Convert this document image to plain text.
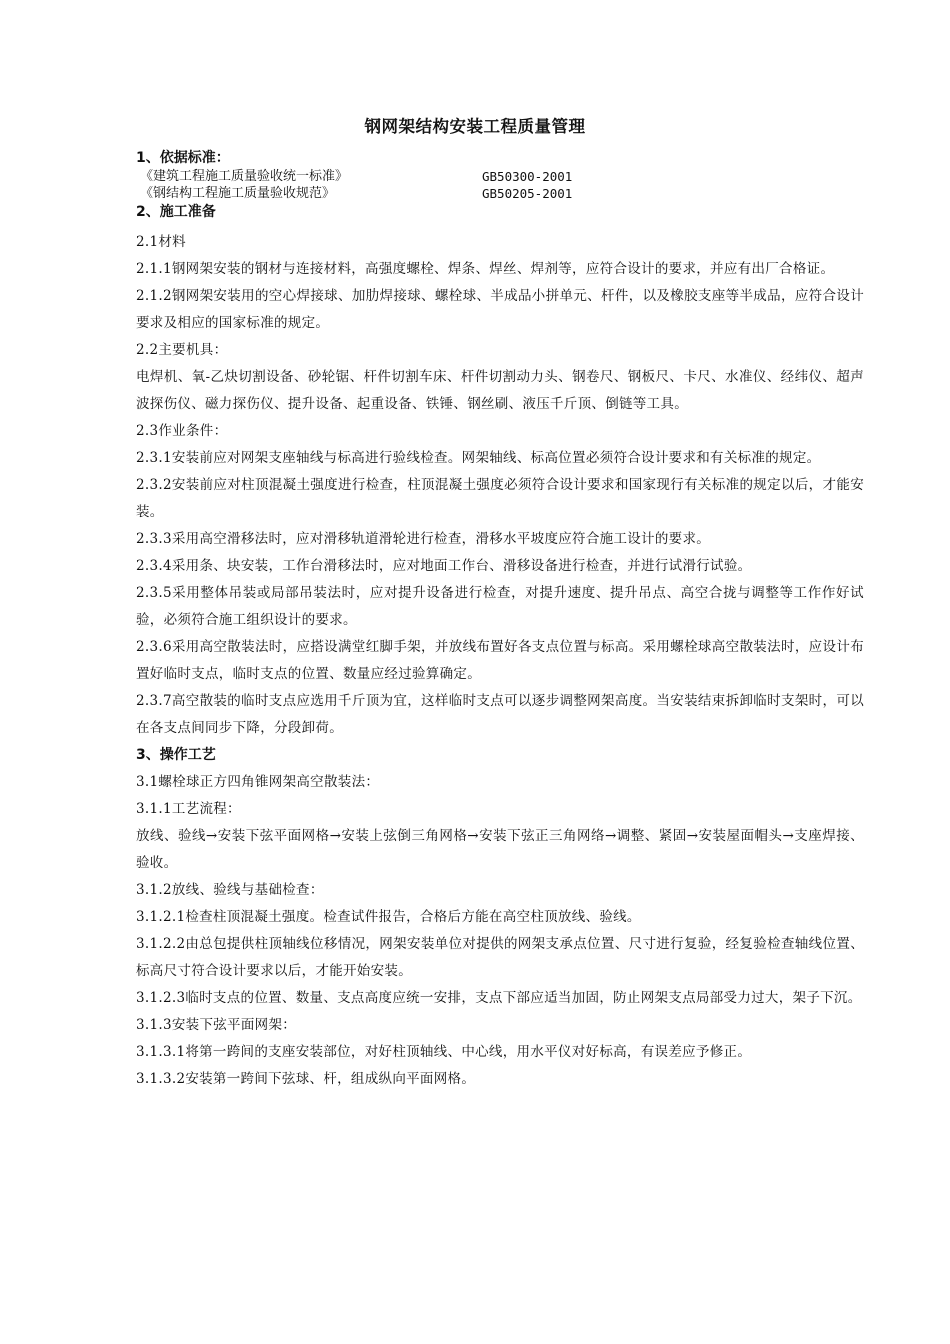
钢网架结构安装工程质量管理
1、依据标准：
《建筑工程施工质量验收统一标准》	GB50300-2001
《钢结构工程施工质量验收规范》	GB50205-2001
2、施工准备
2.1材料
2.1.1钢网架安装的钢材与连接材料，高强度螺栓、焊条、焊丝、焊剂等，应符合设计的要求，并应有出厂合格证。
2.1.2钢网架安装用的空心焊接球、加肋焊接球、螺栓球、半成品小拼单元、杆件，以及橡胶支座等半成品，应符合设计要求及相应的国家标准的规定。
2.2主要机具：
电焊机、氧-乙炔切割设备、砂轮锯、杆件切割车床、杆件切割动力头、钢卷尺、钢板尺、卡尺、水准仪、经纬仪、超声波探伤仪、磁力探伤仪、提升设备、起重设备、铁锤、钢丝刷、液压千斤顶、倒链等工具。
2.3作业条件：
2.3.1安装前应对网架支座轴线与标高进行验线检查。网架轴线、标高位置必须符合设计要求和有关标准的规定。
2.3.2安装前应对柱顶混凝土强度进行检查，柱顶混凝土强度必须符合设计要求和国家现行有关标准的规定以后，才能安装。
2.3.3采用高空滑移法时，应对滑移轨道滑轮进行检查，滑移水平坡度应符合施工设计的要求。
2.3.4采用条、块安装，工作台滑移法时，应对地面工作台、滑移设备进行检查，并进行试滑行试验。
2.3.5采用整体吊装或局部吊装法时，应对提升设备进行检查，对提升速度、提升吊点、高空合拢与调整等工作作好试验，必须符合施工组织设计的要求。
2.3.6采用高空散装法时，应搭设满堂红脚手架，并放线布置好各支点位置与标高。采用螺栓球高空散装法时，应设计布置好临时支点，临时支点的位置、数量应经过验算确定。
2.3.7高空散装的临时支点应选用千斤顶为宜，这样临时支点可以逐步调整网架高度。当安装结束拆卸临时支架时，可以在各支点间同步下降，分段卸荷。
3、操作工艺
3.1螺栓球正方四角锥网架高空散装法：
3.1.1工艺流程：
放线、验线→安装下弦平面网格→安装上弦倒三角网格→安装下弦正三角网络→调整、紧固→安装屋面帽头→支座焊接、验收。
3.1.2放线、验线与基础检查：
3.1.2.1检查柱顶混凝土强度。检查试件报告，合格后方能在高空柱顶放线、验线。
3.1.2.2由总包提供柱顶轴线位移情况，网架安装单位对提供的网架支承点位置、尺寸进行复验，经复验检查轴线位置、标高尺寸符合设计要求以后，才能开始安装。
3.1.2.3临时支点的位置、数量、支点高度应统一安排，支点下部应适当加固，防止网架支点局部受力过大，架子下沉。
3.1.3安装下弦平面网架：
3.1.3.1将第一跨间的支座安装部位，对好柱顶轴线、中心线，用水平仪对好标高，有误差应予修正。
3.1.3.2安装第一跨间下弦球、杆，组成纵向平面网格。
